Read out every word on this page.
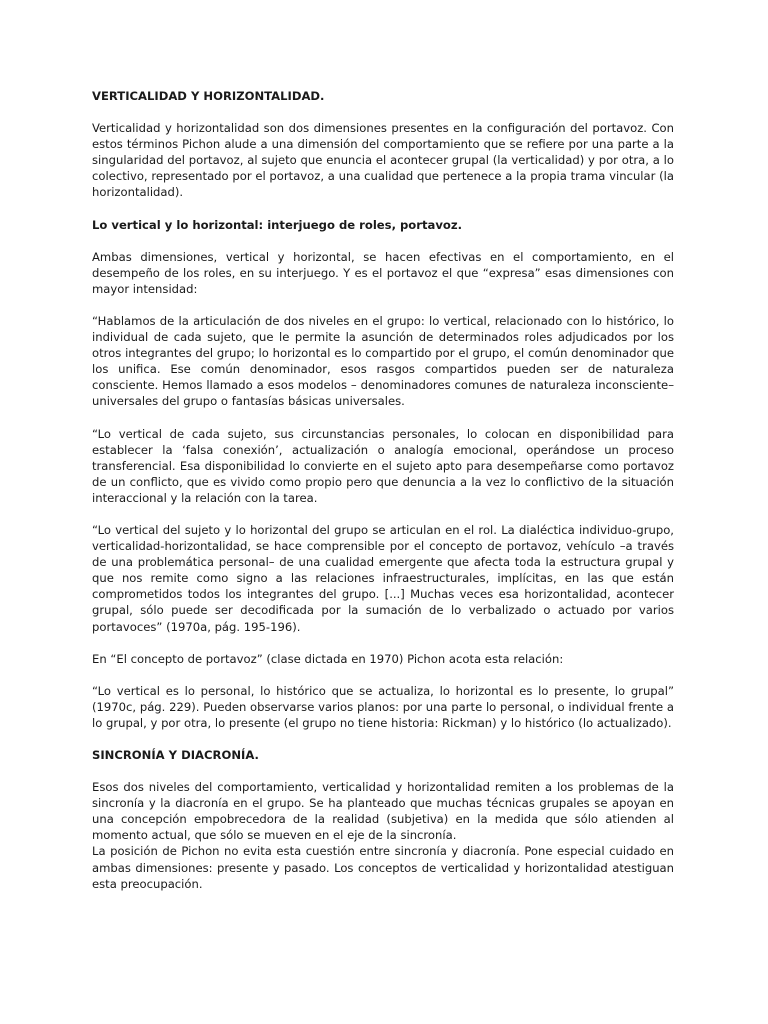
VERTICALIDAD Y HORIZONTALIDAD.

Verticalidad y horizontalidad son dos dimensiones presentes en la configuración del portavoz. Con estos términos Pichon alude a una dimensión del comportamiento que se refiere por una parte a la singularidad del portavoz, al sujeto que enuncia el acontecer grupal (la verticalidad) y por otra, a lo colectivo, representado por el portavoz, a una cualidad que pertenece a la propia trama vincular (la horizontalidad).

Lo vertical y lo horizontal: interjuego de roles, portavoz.

Ambas dimensiones, vertical y horizontal, se hacen efectivas en el comportamiento, en el desempeño de los roles, en su interjuego. Y es el portavoz el que “expresa” esas dimensiones con mayor intensidad:

“Hablamos de la articulación de dos niveles en el grupo: lo vertical, relacionado con lo histórico, lo individual de cada sujeto, que le permite la asunción de determinados roles adjudicados por los otros integrantes del grupo; lo horizontal es lo compartido por el grupo, el común denominador que los unifica. Ese común denominador, esos rasgos compartidos pueden ser de naturaleza consciente. Hemos llamado a esos modelos – denominadores comunes de naturaleza inconsciente– universales del grupo o fantasías básicas universales.

“Lo vertical de cada sujeto, sus circunstancias personales, lo colocan en disponibilidad para establecer la ‘falsa conexión’, actualización o analogía emocional, operándose un proceso transferencial. Esa disponibilidad lo convierte en el sujeto apto para desempeñarse como portavoz de un conflicto, que es vivido como propio pero que denuncia a la vez lo conflictivo de la situación interaccional y la relación con la tarea.

“Lo vertical del sujeto y lo horizontal del grupo se articulan en el rol. La dialéctica individuo-grupo, verticalidad-horizontalidad, se hace comprensible por el concepto de portavoz, vehículo –a través de una problemática personal– de una cualidad emergente que afecta toda la estructura grupal y que nos remite como signo a las relaciones infraestructurales, implícitas, en las que están comprometidos todos los integrantes del grupo. [...] Muchas veces esa horizontalidad, acontecer grupal, sólo puede ser decodificada por la sumación de lo verbalizado o actuado por varios portavoces” (1970a, pág. 195-196).

En “El concepto de portavoz” (clase dictada en 1970) Pichon acota esta relación:

“Lo vertical es lo personal, lo histórico que se actualiza, lo horizontal es lo presente, lo grupal” (1970c, pág. 229). Pueden observarse varios planos: por una parte lo personal, o individual frente a lo grupal, y por otra, lo presente (el grupo no tiene historia: Rickman) y lo histórico (lo actualizado).

SINCRONÍA Y DIACRONÍA.

Esos dos niveles del comportamiento, verticalidad y horizontalidad remiten a los problemas de la sincronía y la diacronía en el grupo. Se ha planteado que muchas técnicas grupales se apoyan en una concepción empobrecedora de la realidad (subjetiva) en la medida que sólo atienden al momento actual, que sólo se mueven en el eje de la sincronía.

La posición de Pichon no evita esta cuestión entre sincronía y diacronía. Pone especial cuidado en ambas dimensiones: presente y pasado. Los conceptos de verticalidad y horizontalidad atestiguan esta preocupación.
